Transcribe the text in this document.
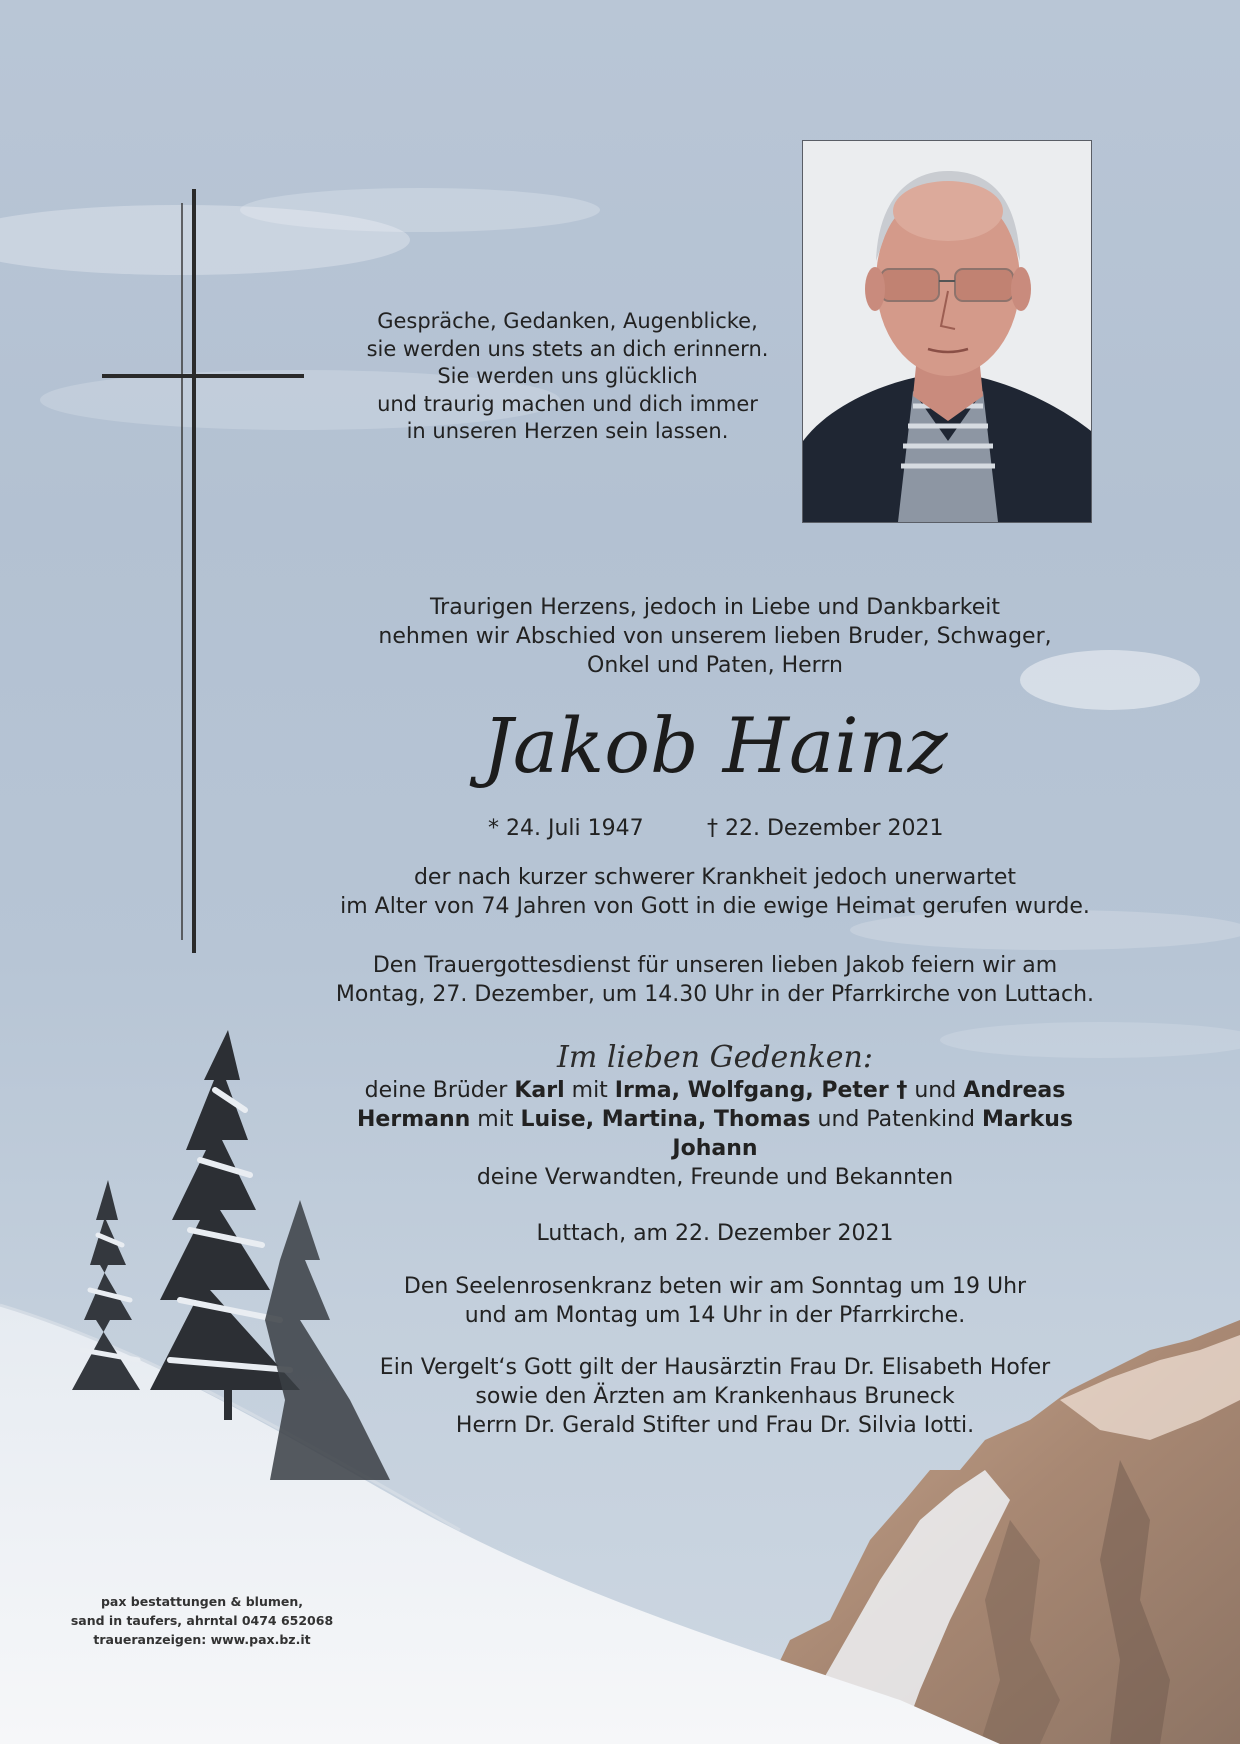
Gespräche, Gedanken, Augenblicke,
sie werden uns stets an dich erinnern.
Sie werden uns glücklich
und traurig machen und dich immer
in unseren Herzen sein lassen.
Traurigen Herzens, jedoch in Liebe und Dankbarkeit
nehmen wir Abschied von unserem lieben Bruder, Schwager,
Onkel und Paten, Herrn
Jakob Hainz
* 24. Juli 1947	† 22. Dezember 2021
der nach kurzer schwerer Krankheit jedoch unerwartet
im Alter von 74 Jahren von Gott in die ewige Heimat gerufen wurde.
Den Trauergottesdienst für unseren lieben Jakob feiern wir am
Montag, 27. Dezember, um 14.30 Uhr in der Pfarrkirche von Luttach.
Im lieben Gedenken:
deine Brüder Karl mit Irma, Wolfgang, Peter † und Andreas
Hermann mit Luise, Martina, Thomas und Patenkind Markus
Johann
deine Verwandten, Freunde und Bekannten
Luttach, am 22. Dezember 2021
Den Seelenrosenkranz beten wir am Sonntag um 19 Uhr
und am Montag um 14 Uhr in der Pfarrkirche.
Ein Vergelt‘s Gott gilt der Hausärztin Frau Dr. Elisabeth Hofer
sowie den Ärzten am Krankenhaus Bruneck
Herrn Dr. Gerald Stifter und Frau Dr. Silvia Iotti.
pax bestattungen & blumen,
sand in taufers, ahrntal 0474 652068
traueranzeigen: www.pax.bz.it
